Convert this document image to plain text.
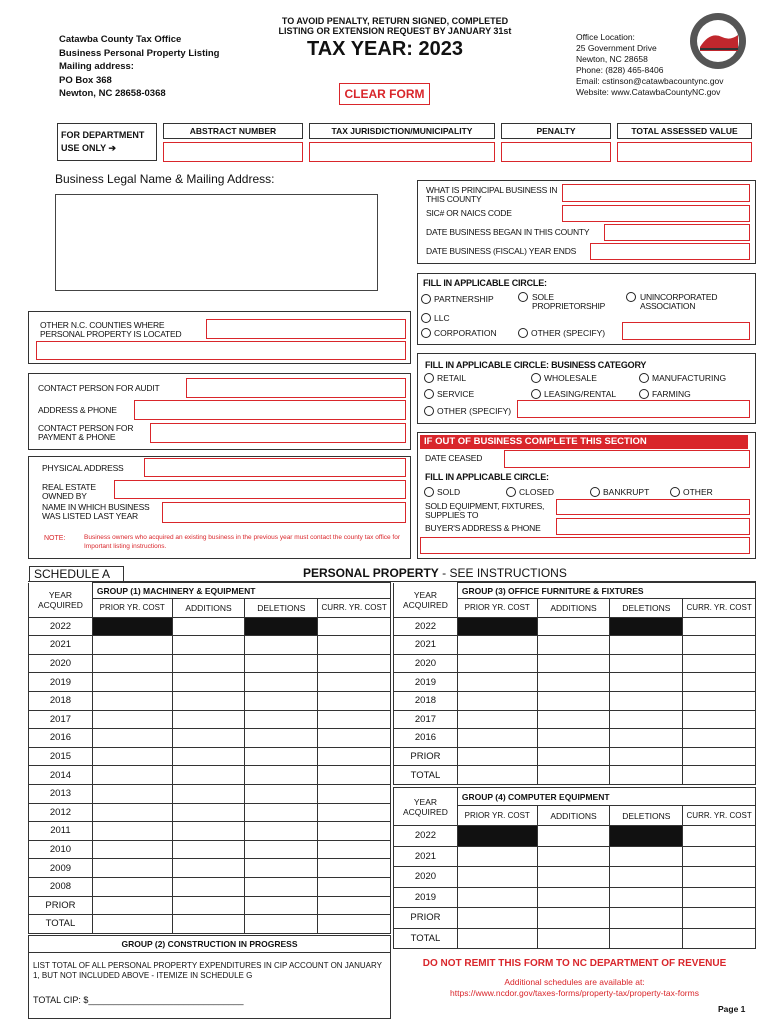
Catawba County Tax Office
Business Personal Property Listing
Mailing address:
PO Box 368
Newton, NC 28658-0368
TO AVOID PENALTY, RETURN SIGNED, COMPLETED
LISTING OR EXTENSION REQUEST BY JANUARY 31st
TAX YEAR: 2023
CLEAR FORM
Office Location:
25 Government Drive
Newton, NC 28658
Phone: (828) 465-8406
Email: cstinson@catawbacountync.gov
Website: www.CatawbaCountyNC.gov
FOR DEPARTMENT
USE ONLY ➔
ABSTRACT NUMBER	TAX JURISDICTION/MUNICIPALITY	PENALTY	TOTAL ASSESSED VALUE
Business Legal Name & Mailing Address:
WHAT IS PRINCIPAL BUSINESS IN THIS COUNTY
SIC# OR NAICS CODE
DATE BUSINESS BEGAN IN THIS COUNTY
DATE BUSINESS (FISCAL) YEAR ENDS
FILL IN APPLICABLE CIRCLE:
PARTNERSHIP	SOLE PROPRIETORSHIP
UNINCORPORATED ASSOCIATION
LLC
CORPORATION	OTHER (SPECIFY)
OTHER N.C. COUNTIES WHERE PERSONAL PROPERTY IS LOCATED
FILL IN APPLICABLE CIRCLE: BUSINESS CATEGORY
RETAIL	WHOLESALE	MANUFACTURING
SERVICE	LEASING/RENTAL	FARMING
OTHER (SPECIFY)
CONTACT PERSON FOR AUDIT
ADDRESS & PHONE
CONTACT PERSON FOR PAYMENT & PHONE
PHYSICAL ADDRESS
REAL ESTATE OWNED BY
NAME IN WHICH BUSINESS WAS LISTED LAST YEAR
NOTE:	Business owners who acquired an existing business in the previous year must contact the county tax office for Important listing instructions.
IF OUT OF BUSINESS COMPLETE THIS SECTION
DATE CEASED
FILL IN APPLICABLE CIRCLE:
SOLD	CLOSED	BANKRUPT	OTHER
SOLD EQUIPMENT, FIXTURES, SUPPLIES TO
BUYER'S ADDRESS & PHONE
SCHEDULE A	PERSONAL PROPERTY - SEE INSTRUCTIONS
YEAR
ACQUIRED	GROUP (1) MACHINERY & EQUIPMENT			
	PRIOR YR. COST	ADDITIONS	DELETIONS	CURR. YR. COST
2022				
2021				
2020				
2019				
2018				
2017				
2016				
2015				
2014				
2013				
2012				
2011				
2010				
2009				
2008				
PRIOR				
TOTAL				
GROUP (2) CONSTRUCTION IN PROGRESS
LIST TOTAL OF ALL PERSONAL PROPERTY EXPENDITURES IN CIP ACCOUNT ON JANUARY 1, BUT NOT INCLUDED ABOVE - ITEMIZE IN SCHEDULE G
TOTAL CIP: $_______________________________
YEAR
ACQUIRED	GROUP (3) OFFICE FURNITURE & FIXTURES			
	PRIOR YR. COST	ADDITIONS	DELETIONS	CURR. YR. COST
2022				
2021				
2020				
2019				
2018				
2017				
2016				
PRIOR				
TOTAL				
YEAR
ACQUIRED	GROUP (4) COMPUTER EQUIPMENT			
	PRIOR YR. COST	ADDITIONS	DELETIONS	CURR. YR. COST
2022				
2021				
2020				
2019				
PRIOR				
TOTAL				
DO NOT REMIT THIS FORM TO NC DEPARTMENT OF REVENUE
Additional schedules are available at:
https://www.ncdor.gov/taxes-forms/property-tax/property-tax-forms
Page 1
